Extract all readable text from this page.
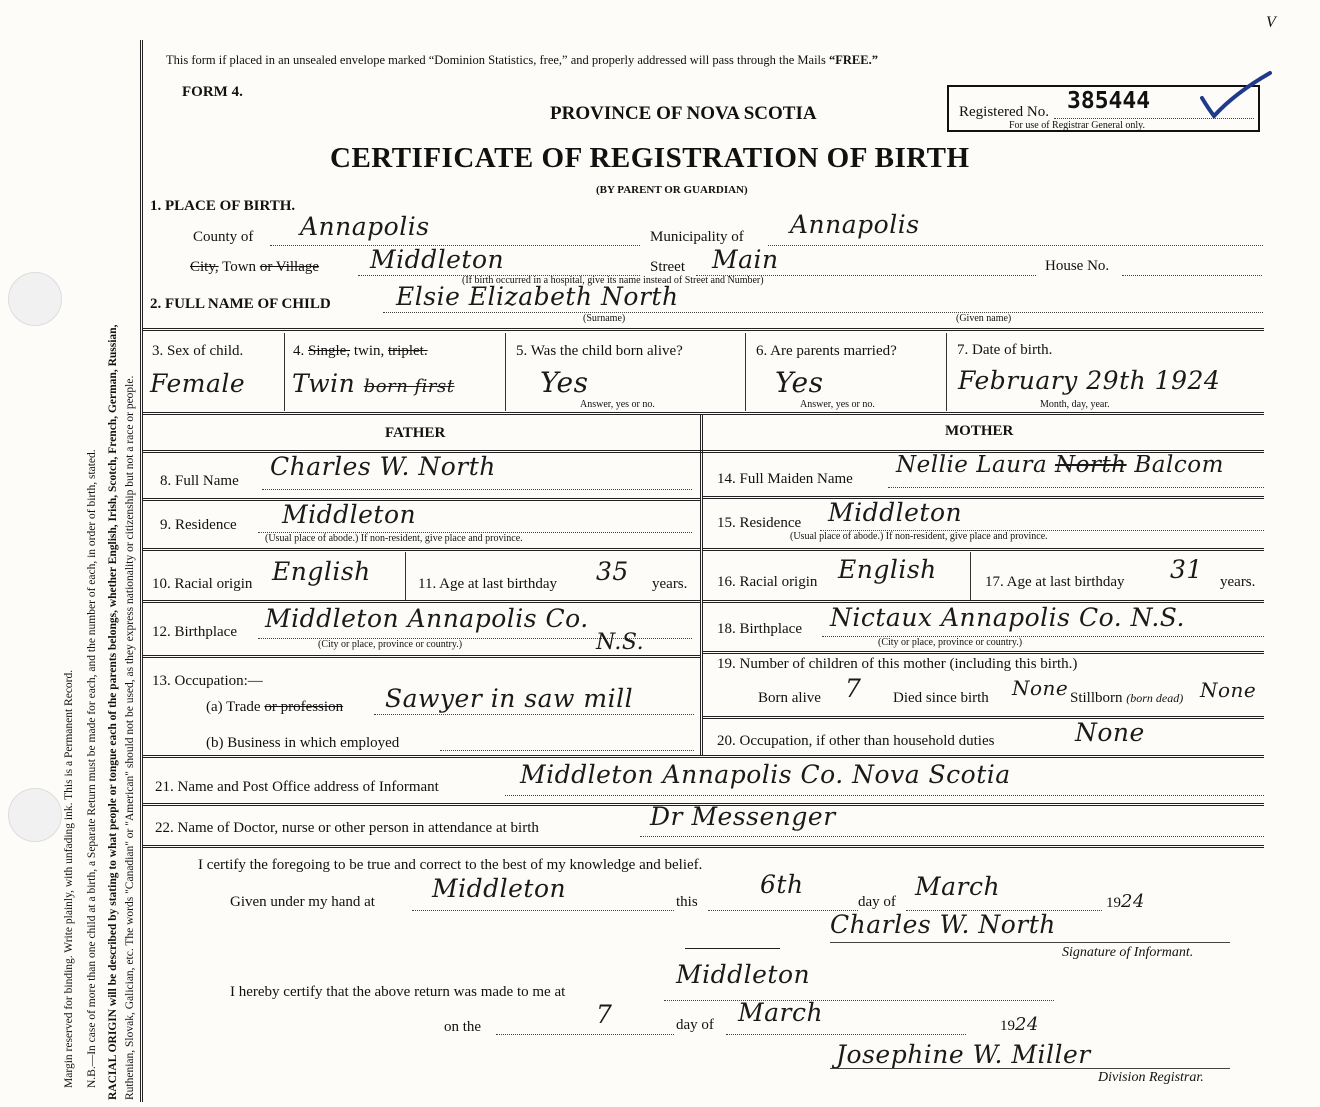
Margin reserved for binding. Write plainly, with unfading ink. This is a Permanent Record. N.B.—In case of more than one child at a birth, a Separate Return must be made for each, and the number of each, in order of birth, stated. RACIAL ORIGIN will be described by stating to what people or tongue each of the parents belongs, whether English, Irish, Scotch, French, German, Russian, Ruthenian, Slovak, Galician, etc. The words "Canadian" or "American" should not be used, as they express nationality or citizenship but not a race or people.
V
This form if placed in an unsealed envelope marked “Dominion Statistics, free,” and properly addressed will pass through the Mails “FREE.”
FORM 4.
PROVINCE OF NOVA SCOTIA
CERTIFICATE OF REGISTRATION OF BIRTH
(BY PARENT OR GUARDIAN)
Registered No. 385444
For use of Registrar General only.
1. PLACE OF BIRTH.
County of Annapolis	Municipality of Annapolis
City, Town or Village Middleton	Street Main	House No.
(If birth occurred in a hospital, give its name instead of Street and Number)
2. FULL NAME OF CHILD	Elsie Elizabeth North
(Surname)	(Given name)
3. Sex of child.
Female
4. Single, twin, triplet.
Twin born first
5. Was the child born alive?
Yes
Answer, yes or no.
6. Are parents married?
Yes
Answer, yes or no.
7. Date of birth.
February 29th 1924
Month, day, year.
FATHER	MOTHER
8. Full Name Charles W. North
9. Residence Middleton
(Usual place of abode.) If non-resident, give place and province.
10. Racial origin English	11. Age at last birthday 35 years.
12. Birthplace Middleton Annapolis Co.
N.S.
(City or place, province or country.)
13. Occupation:—
(a) Trade or profession Sawyer in saw mill
(b) Business in which employed
14. Full Maiden Name
Nellie Laura North Balcom
15. Residence Middleton
(Usual place of abode.) If non-resident, give place and province.
16. Racial origin English	17. Age at last birthday 31 years.
18. Birthplace Nictaux Annapolis Co. N.S.
(City or place, province or country.)
19. Number of children of this mother (including this birth.)
Born alive 7 Died since birth None Stillborn (born dead) None
20. Occupation, if other than household duties	None
21. Name and Post Office address of Informant	Middleton Annapolis Co. Nova Scotia
22. Name of Doctor, nurse or other person in attendance at birth	Dr Messenger
I certify the foregoing to be true and correct to the best of my knowledge and belief.
Given under my hand at Middleton	this
6th
day of
March
1924
Charles W. North
Signature of Informant.
I hereby certify that the above return was made to me at
Middleton
on the	7	day of March	1924
Josephine W. Miller
Division Registrar.
